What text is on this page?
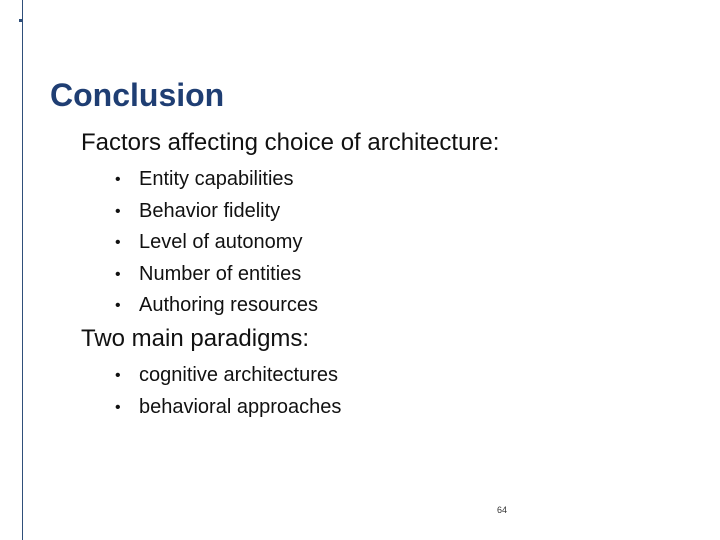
Conclusion

Factors affecting choice of architecture:

• Entity capabilities
• Behavior fidelity
• Level of autonomy
• Number of entities
• Authoring resources

Two main paradigms:

• cognitive architectures
• behavioral approaches
64
